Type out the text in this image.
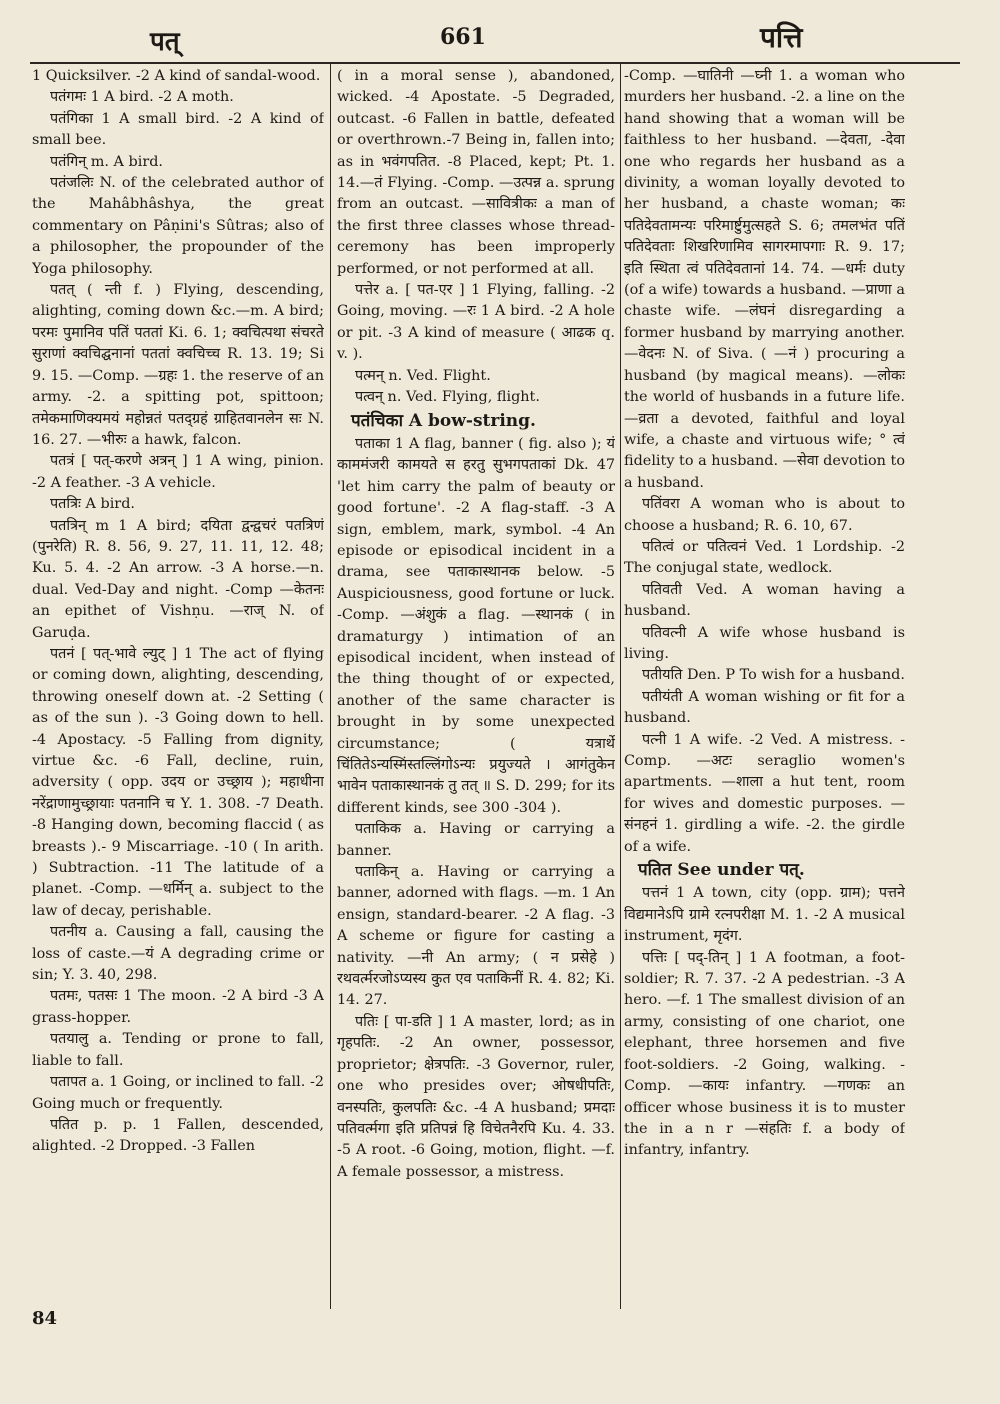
पत्	661	पत्ति

1 Quicksilver. -2 A kind of sandal-wood.

पतंगमः 1 A bird. -2 A moth.

पतंगिका 1 A small bird. -2 A kind of small bee.

पतंगिन् m. A bird.

पतंजलिः N. of the celebrated author of the Mahâbhâshya, the great commentary on Pâṇini's Sûtras; also of a philosopher, the propounder of the Yoga philosophy.

पतत् ( न्ती f. ) Flying, descending, alighting, coming down &c.—m. A bird; परमः पुमानिव पतिं पततां Ki. 6. 1; क्वचित्पथा संचरते सुराणां क्वचिद्घनानां पततां क्वचिच्च R. 13. 19; Si 9. 15. —Comp. —ग्रहः 1. the reserve of an army. -2. a spitting pot, spittoon; तमेकमाणिक्यमयं महोन्नतं पतद्ग्रहं ग्राहितवानलेन सः N. 16. 27. —भीरुः a hawk, falcon.

पतत्रं [ पत्-करणे अत्रन् ] 1 A wing, pinion. -2 A feather. -3 A vehicle.

पतत्रिः A bird.

पतत्रिन् m 1 A bird; दयिता द्वन्द्वचरं पतत्रिणं (पुनरेति) R. 8. 56, 9. 27, 11. 11, 12. 48; Ku. 5. 4. -2 An arrow. -3 A horse.—n. dual. Ved-Day and night. -Comp —केतनः an epithet of Vishṇu. —राज् N. of Garuḍa.

पतनं [ पत्-भावे ल्युट् ] 1 The act of flying or coming down, alighting, descending, throwing oneself down at. -2 Setting ( as of the sun ). -3 Going down to hell. -4 Apostacy. -5 Falling from dignity, virtue &c. -6 Fall, decline, ruin, adversity ( opp. उदय or उच्छ्राय ); महाधीना नरेंद्राणामुच्छ्रायाः पतनानि च Y. 1. 308. -7 Death. -8 Hanging down, becoming flaccid ( as breasts ).- 9 Miscarriage. -10 ( In arith. ) Subtraction. -11 The latitude of a planet. -Comp. —धर्मिन् a. subject to the law of decay, perishable.

पतनीय a. Causing a fall, causing the loss of caste.—यं A degrading crime or sin; Y. 3. 40, 298.

पतमः, पतसः 1 The moon. -2 A bird -3 A grass-hopper.

पतयालु a. Tending or prone to fall, liable to fall.

पतापत a. 1 Going, or inclined to fall. -2 Going much or frequently.

पतित p. p. 1 Fallen, descended, alighted. -2 Dropped. -3 Fallen

( in a moral sense ), abandoned, wicked. -4 Apostate. -5 Degraded, outcast. -6 Fallen in battle, defeated or overthrown.-7 Being in, fallen into; as in भवंगपतित. -8 Placed, kept; Pt. 1. 14.—तं Flying. -Comp. —उत्पन्न a. sprung from an outcast. —सावित्रीकः a man of the first three classes whose thread-ceremony has been improperly performed, or not performed at all.

पत्तेर a. [ पत-एर ] 1 Flying, falling. -2 Going, moving. —रः 1 A bird. -2 A hole or pit. -3 A kind of measure ( आढक q. v. ).

पत्मन् n. Ved. Flight.

पत्वन् n. Ved. Flying, flight.

पतंचिका A bow-string.

पताका 1 A flag, banner ( fig. also ); यं काममंजरी कामयते स हरतु सुभगपताकां Dk. 47 'let him carry the palm of beauty or good fortune'. -2 A flag-staff. -3 A sign, emblem, mark, symbol. -4 An episode or episodical incident in a drama, see पताकास्थानक below. -5 Auspiciousness, good fortune or luck. -Comp. —अंशुकं a flag. —स्थानकं ( in dramaturgy ) intimation of an episodical incident, when instead of the thing thought of or expected, another of the same character is brought in by some unexpected circumstance; ( यत्रार्थे चिंतितेऽन्यस्मिंस्तल्लिंगोऽन्यः प्रयुज्यते । आगंतुकेन भावेन पताकास्थानकं तु तत् ॥ S. D. 299; for its different kinds, see 300 -304 ).

पताकिक a. Having or carrying a banner.

पताकिन् a. Having or carrying a banner, adorned with flags. —m. 1 An ensign, standard-bearer. -2 A flag. -3 A scheme or figure for casting a nativity. —नी An army; ( न प्रसेहे ) रथवर्त्मरजोऽप्यस्य कुत एव पताकिनीं R. 4. 82; Ki. 14. 27.

पतिः [ पा-डति ] 1 A master, lord; as in गृहपतिः. -2 An owner, possessor, proprietor; क्षेत्रपतिः. -3 Governor, ruler, one who presides over; ओषधीपतिः, वनस्पतिः, कुलपतिः &c. -4 A husband; प्रमदाः पतिवर्त्मगा इति प्रतिपन्नं हि विचेतनैरपि Ku. 4. 33. -5 A root. -6 Going, motion, flight. —f. A female possessor, a mistress.

-Comp. —घातिनी —घ्नी 1. a woman who murders her husband. -2. a line on the hand showing that a woman will be faithless to her husband. —देवता, -देवा one who regards her husband as a divinity, a woman loyally devoted to her husband, a chaste woman; कः पतिदेवतामन्यः परिमार्ष्टुमुत्सहते S. 6; तमलभंत पतिं पतिदेवताः शिखरिणामिव सागरमापगाः R. 9. 17; इति स्थिता त्वं पतिदेवतानां 14. 74. —धर्मः duty (of a wife) towards a husband. —प्राणा a chaste wife. —लंघनं disregarding a former husband by marrying another. —वेदनः N. of Siva. ( —नं ) procuring a husband (by magical means). —लोकः the world of husbands in a future life. —व्रता a devoted, faithful and loyal wife, a chaste and virtuous wife; ° त्वं fidelity to a husband. —सेवा devotion to a husband.

पतिंवरा A woman who is about to choose a husband; R. 6. 10, 67.

पतित्वं or पतित्वनं Ved. 1 Lordship. -2 The conjugal state, wedlock.

पतिवती Ved. A woman having a husband.

पतिवत्नी A wife whose husband is living.

पतीयति Den. P To wish for a husband.

पतीयंती A woman wishing or fit for a husband.

पत्नी 1 A wife. -2 Ved. A mistress. -Comp. —अटः seraglio women's apartments. —शाला a hut tent, room for wives and domestic purposes. —संनहनं 1. girdling a wife. -2. the girdle of a wife.

पतित See under पत्.

पत्तनं 1 A town, city (opp. ग्राम); पत्तने विद्यमानेऽपि ग्रामे रत्नपरीक्षा M. 1. -2 A musical instrument, मृदंग.

पत्तिः [ पद्-तिन् ] 1 A footman, a foot-soldier; R. 7. 37. -2 A pedestrian. -3 A hero. —f. 1 The smallest division of an army, consisting of one chariot, one elephant, three horsemen and five foot-soldiers. -2 Going, walking. -Comp. —कायः infantry. —गणकः an officer whose business it is to muster the in a n r —संहतिः f. a body of infantry, infantry.

84
